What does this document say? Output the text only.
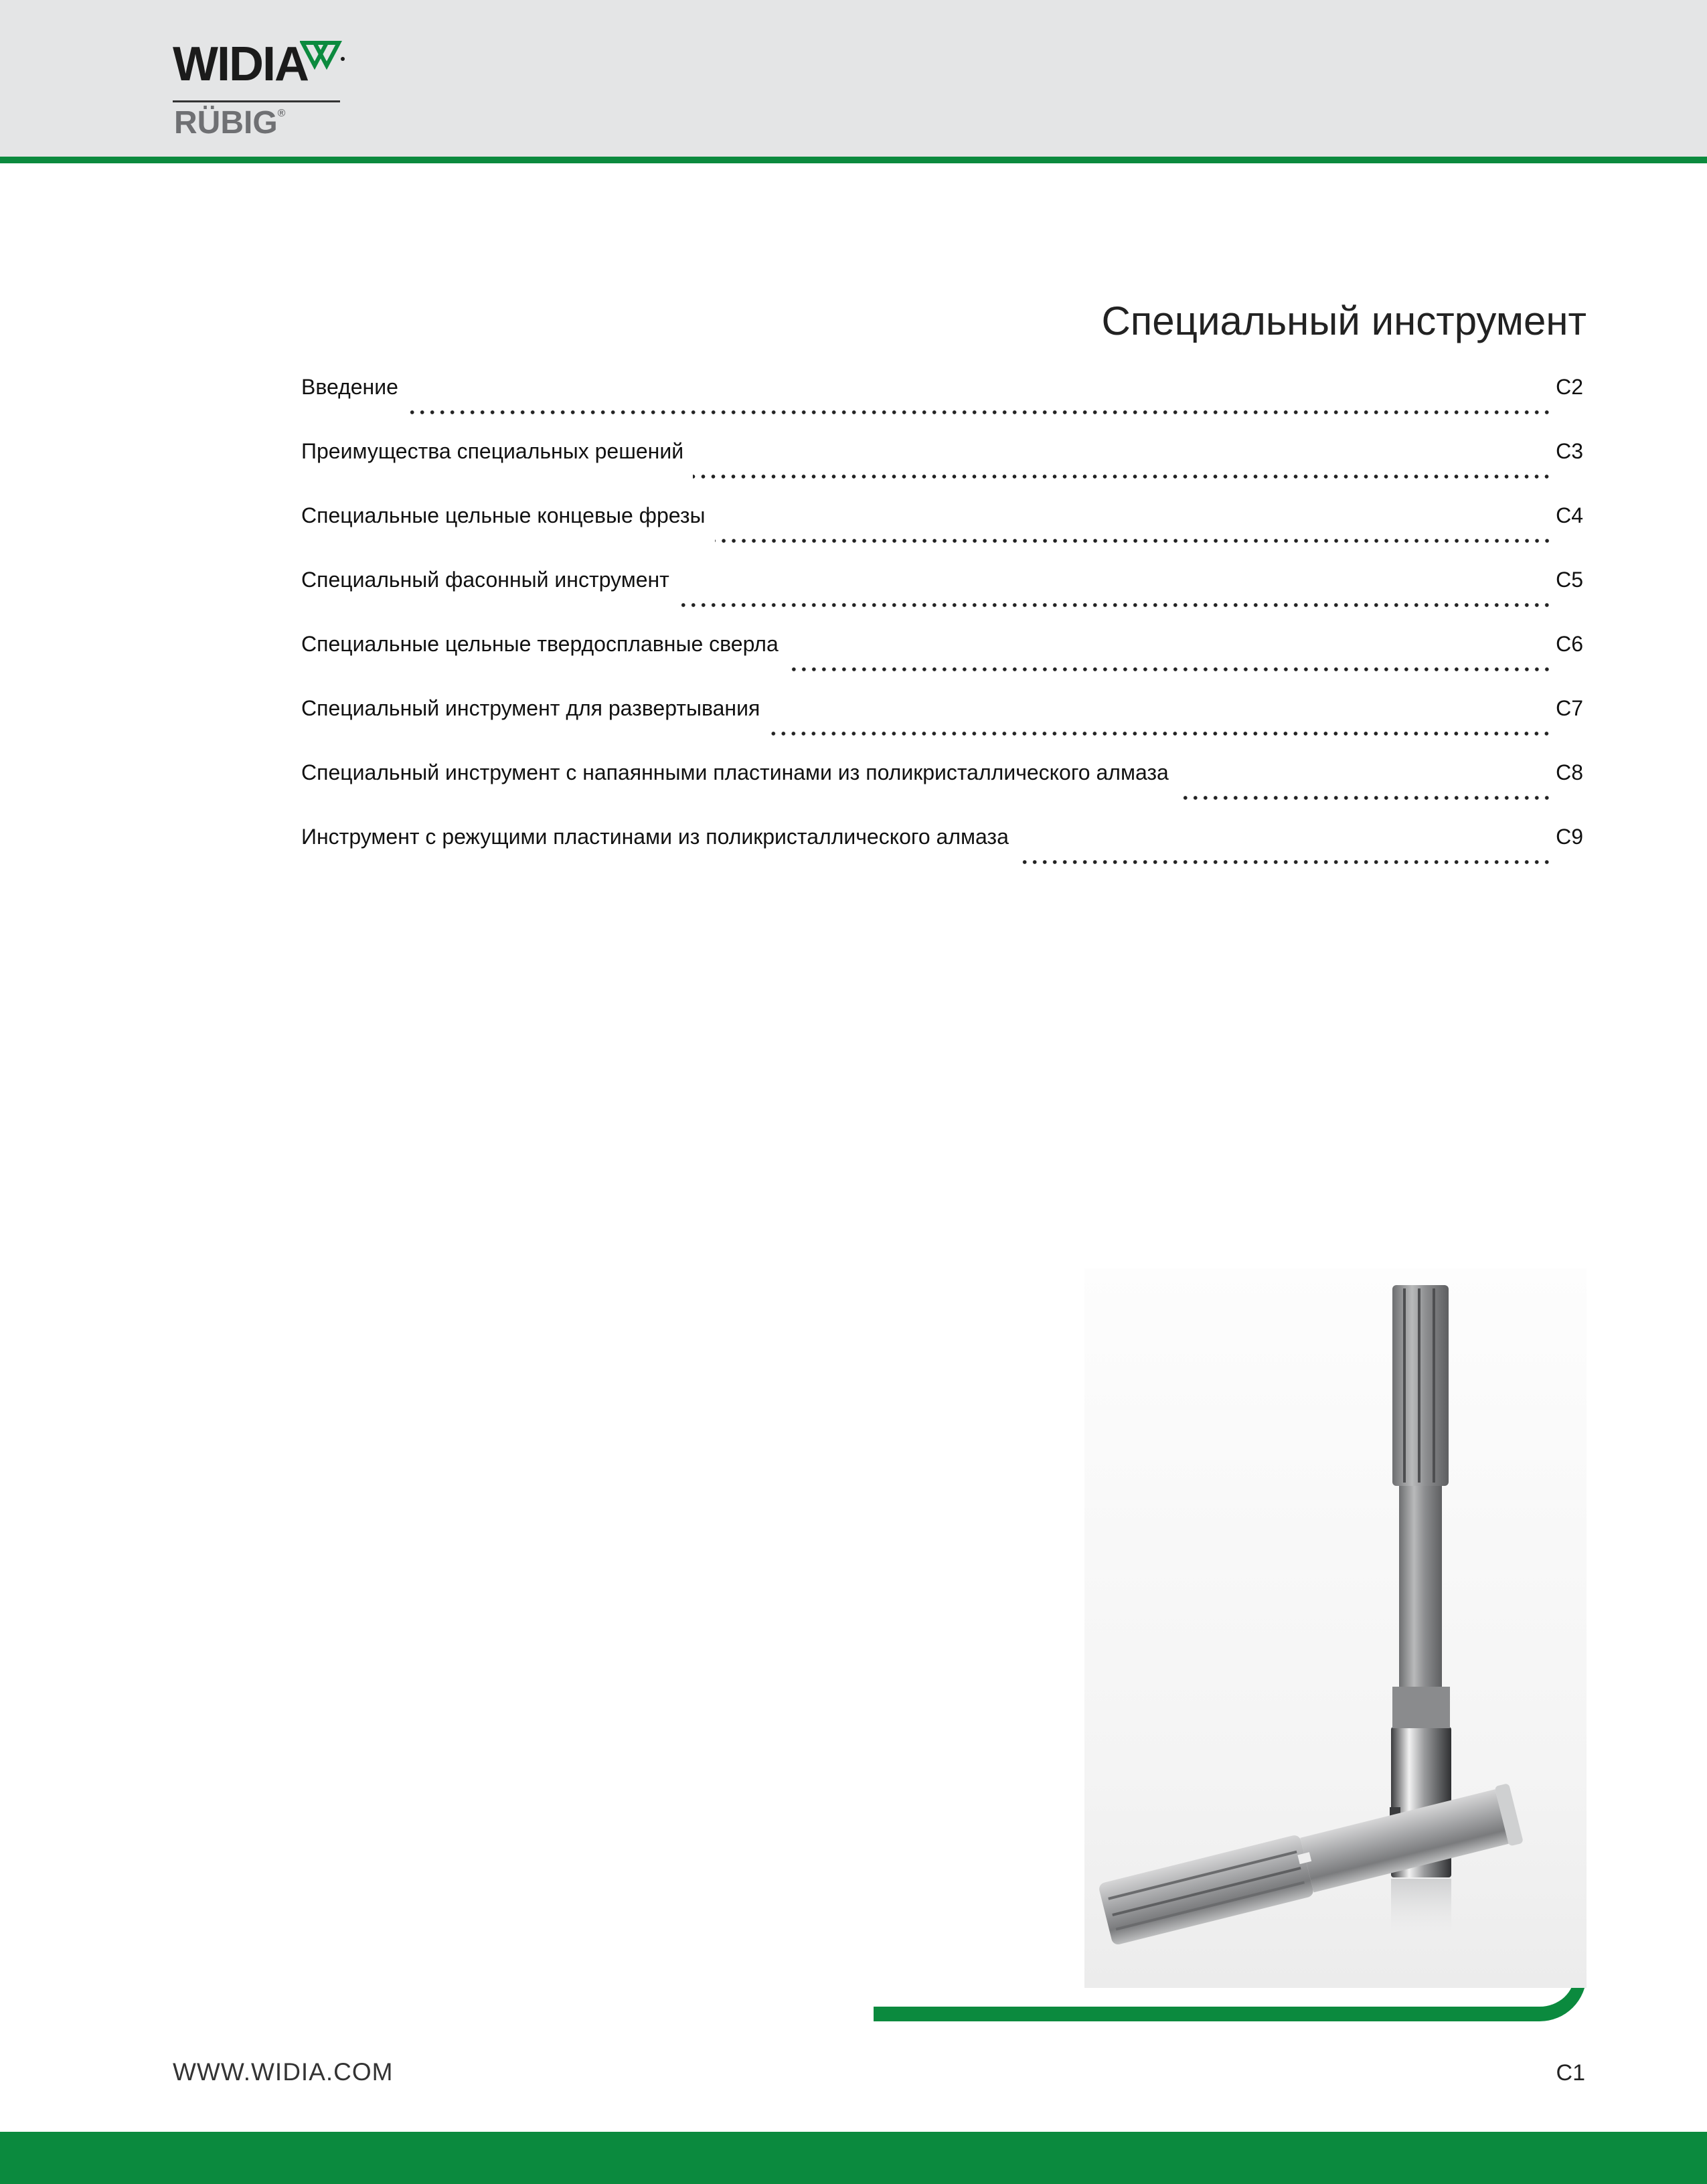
WIDIA
RÜBIG®
Специальный инструмент
Введение	C2
Преимущества специальных решений	C3
Специальные цельные концевые фрезы	C4
Специальный фасонный инструмент	C5
Специальные цельные твердосплавные сверла	C6
Специальный инструмент для развертывания	C7
Специальный инструмент с напаянными пластинами из поликристаллического алмаза	C8
Инструмент с режущими пластинами из поликристаллического алмаза	C9
WWW.WIDIA.COM	C1
